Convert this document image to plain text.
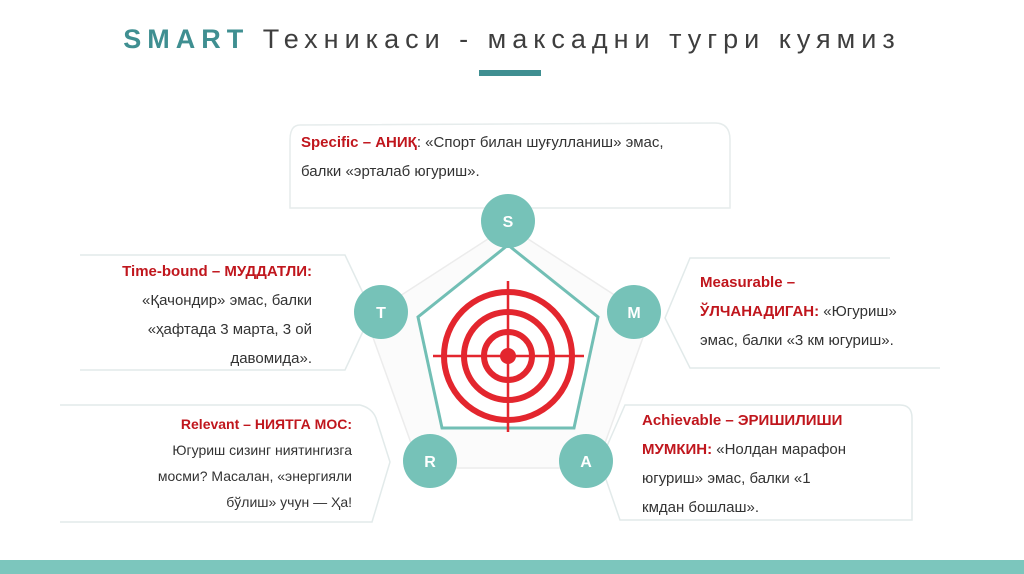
SMART Техникаси - максадни тугри куямиз
S
M
A
R
T
Specific – АНИҚ: «Спорт билан шуғулланиш» эмас,
балки «эрталаб югуриш».
Measurable –
ЎЛЧАНАДИГАН: «Югуриш»
эмас, балки «3 км югуриш».
Achievable – ЭРИШИЛИШИ
МУМКИН: «Нолдан марафон
югуриш» эмас, балки «1
кмдан бошлаш».
Relevant – НИЯТГА МОС:
Югуриш сизинг ниятингизга
мосми? Масалан, «энергияли
бўлиш» учун — Ҳа!
Time-bound – МУДДАТЛИ:
«Қачондир» эмас, балки
«ҳафтада 3 марта, 3 ой
давомида».
